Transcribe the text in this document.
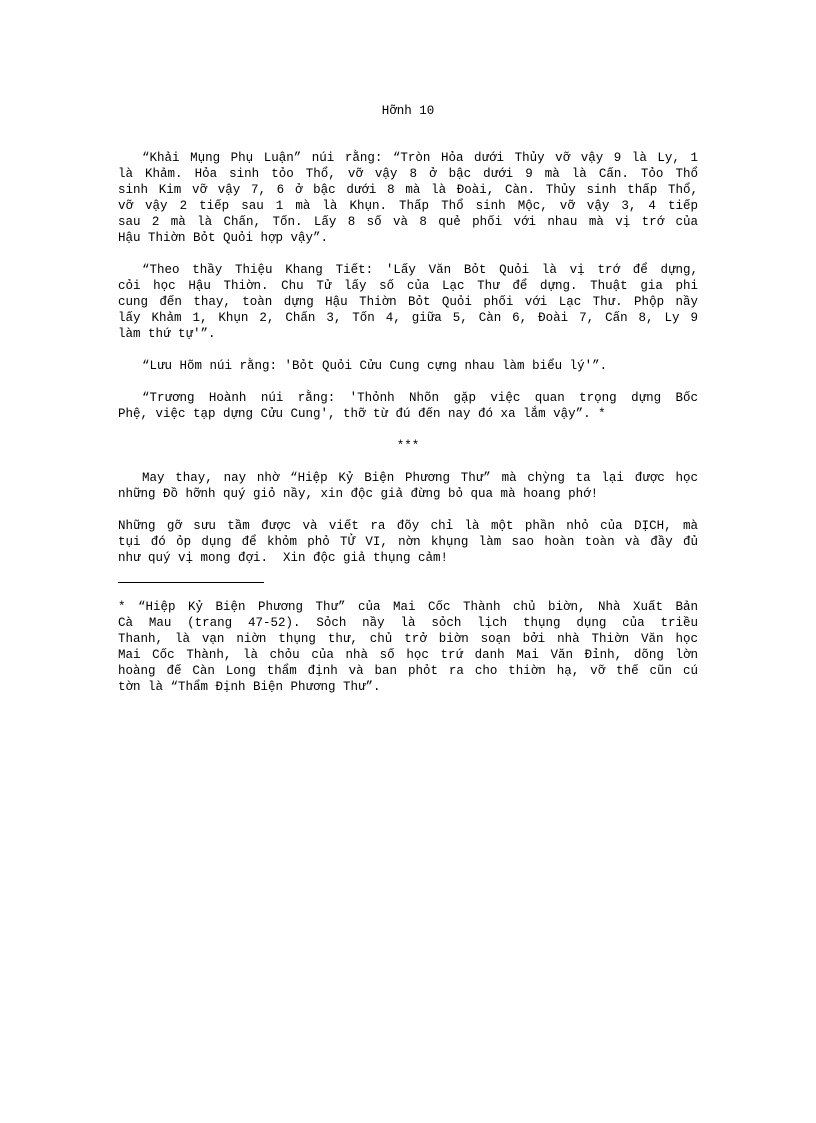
Hỡnh 10
“Khải Mụng Phụ Luận” núi rằng: “Tròn Hỏa dưới Thủy vỡ vậy 9 là Ly, 1
là Khảm. Hỏa sinh tỏo Thổ, vỡ vậy 8 ở bậc dưới 9 mà là Cấn. Tỏo Thổ
sinh Kim vỡ vậy 7, 6 ở bậc dưới 8 mà là Đoài, Càn. Thủy sinh thấp Thổ,
vỡ vậy 2 tiếp sau 1 mà là Khụn. Thấp Thổ sinh Mộc, vỡ vậy 3, 4 tiếp
sau 2 mà là Chấn, Tốn. Lấy 8 số và 8 quẻ phối với nhau mà vị trớ của
Hậu Thiờn Bỏt Quỏi hợp vậy”.
“Theo thầy Thiệu Khang Tiết: 'Lấy Văn Bỏt Quỏi là vị trớ để dựng,
cỏi học Hậu Thiờn. Chu Tử lấy số của Lạc Thư để dựng. Thuật gia phi
cung đến thay, toàn dựng Hậu Thiờn Bỏt Quỏi phối với Lạc Thư. Phộp nầy
lấy Khảm 1, Khụn 2, Chấn 3, Tốn 4, giữa 5, Càn 6, Đoài 7, Cấn 8, Ly 9
làm thứ tự'”.
“Lưu Hõm núi rằng: 'Bỏt Quỏi Cửu Cung cựng nhau làm biểu lý'”.
“Trương Hoành núi rằng: 'Thỏnh Nhõn gặp việc quan trọng dựng Bốc
Phệ, việc tạp dựng Cửu Cung', thỡ từ đú đến nay đó xa lắm vậy”. *
***
May thay, nay nhờ “Hiệp Kỷ Biện Phương Thư” mà chỳng ta lại được học
những Đồ hỡnh quý giỏ nầy, xin độc giả đừng bỏ qua mà hoang phớ!
Những gỡ sưu tầm được và viết ra đõy chỉ là một phần nhỏ của DỊCH, mà
tụi đó ỏp dụng để khỏm phỏ TỬ VI, nờn khụng làm sao hoàn toàn và đầy đủ
như quý vị mong đợi.  Xin độc giả thụng cảm!
* “Hiệp Kỷ Biện Phương Thư” của Mai Cốc Thành chủ biờn, Nhà Xuất Bản
Cà Mau (trang 47-52). Sỏch nầy là sỏch lịch thụng dụng của triều
Thanh, là vạn niờn thụng thư, chủ trở biờn soạn bởi nhà Thiờn Văn học
Mai Cốc Thành, là chỏu của nhà số học trứ danh Mai Văn Đỉnh, dõng lờn
hoàng đế Càn Long thẩm định và ban phỏt ra cho thiờn hạ, vỡ thế cũn cú
tờn là “Thẩm Định Biện Phương Thư”.
